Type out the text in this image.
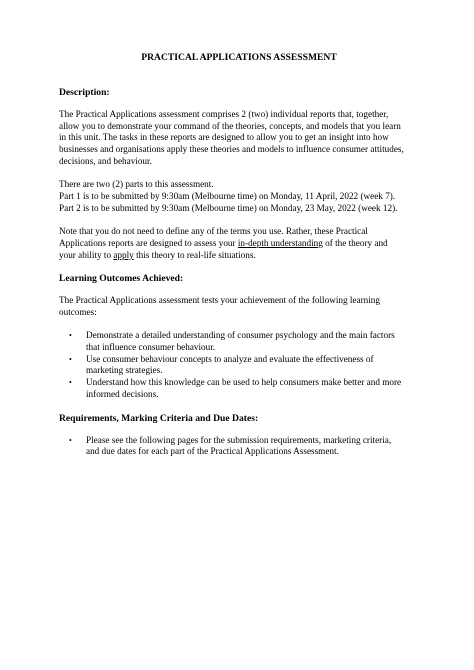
PRACTICAL APPLICATIONS ASSESSMENT
Description:

The Practical Applications assessment comprises 2 (two) individual reports that, together,
allow you to demonstrate your command of the theories, concepts, and models that you learn
in this unit. The tasks in these reports are designed to allow you to get an insight into how
businesses and organisations apply these theories and models to influence consumer attitudes,
decisions, and behaviour.

There are two (2) parts to this assessment.
Part 1 is to be submitted by 9:30am (Melbourne time) on Monday, 11 April, 2022 (week 7).
Part 2 is to be submitted by 9:30am (Melbourne time) on Monday, 23 May, 2022 (week 12).

Note that you do not need to define any of the terms you use. Rather, these Practical
Applications reports are designed to assess your in-depth understanding of the theory and
your ability to apply this theory to real-life situations.

Learning Outcomes Achieved:

The Practical Applications assessment tests your achievement of the following learning
outcomes:

• Demonstrate a detailed understanding of consumer psychology and the main factors
that influence consumer behaviour.
• Use consumer behaviour concepts to analyze and evaluate the effectiveness of
marketing strategies.
• Understand how this knowledge can be used to help consumers make better and more
informed decisions.
Requirements, Marking Criteria and Due Dates:
• Please see the following pages for the submission requirements, marketing criteria,
and due dates for each part of the Practical Applications Assessment.
